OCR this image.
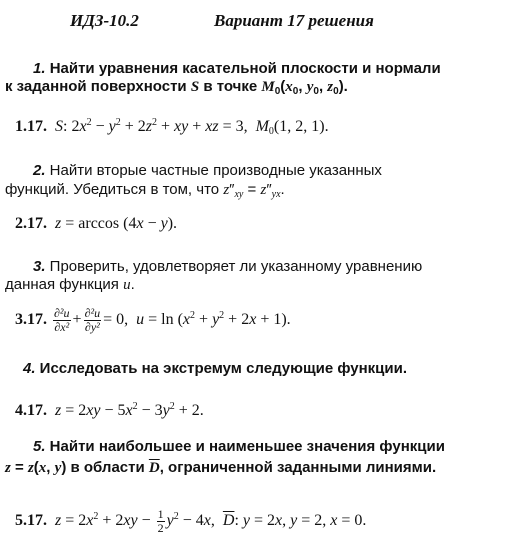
ИДЗ-10.2	Вариант 17 решения
1. Найти уравнения касательной плоскости и нормали
к заданной поверхности S в точке $M_0(x_0$, $y_0$, $z_0$).
1.17. S: $2x^2 - y^2 + 2z^2$ + xy + xz = 3,  $M_0(1$, 2, 1).
2. Найти вторые частные производные указанных
функций. Убедиться в том, что $z''_{xy} = z''_{yx}$.
2.17. z = arccos (4x − y).
3. Проверить, удовлетворяет ли указанному уравнению
данная функция u.
3.17. $\frac{\text{∂²u}}{\text{∂x²}} + \frac{\text{∂²u}}{\text{∂y²}} = 0$,  $u = \ln (x^2 + y^2 + 2x + 1)$.
4. Исследовать на экстремум следующие функции.
4.17. $z = 2xy - 5x^2 - 3y^2 + 2$.
5. Найти наибольшее и наименьшее значения функции
z = z(x, y) в области $\overline{D}$, ограниченной заданными линиями.
5.17. $z = 2x^2 + 2xy - \frac{1}{2} y^2 - 4x$,  $\overline{D}$: y = 2x, y = 2, x = 0.
